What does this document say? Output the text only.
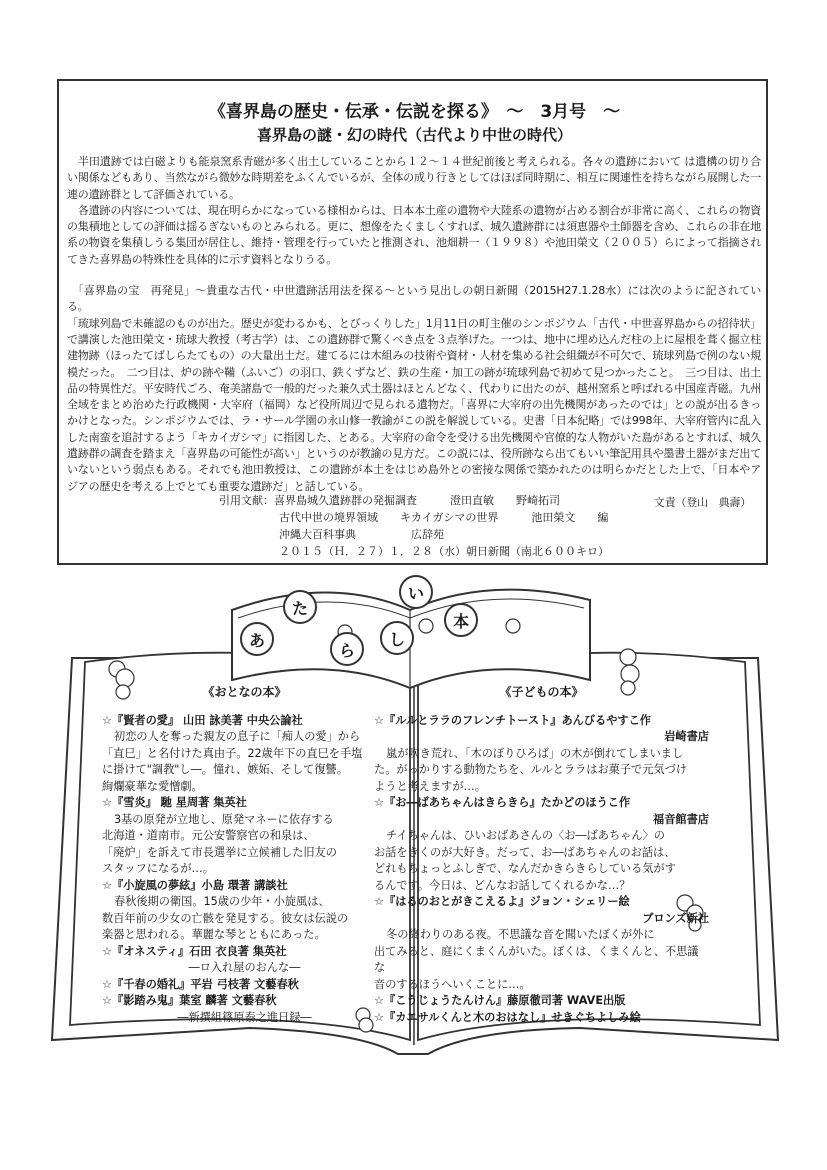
《喜界島の歴史・伝承・伝説を探る》　〜　3月号　〜
喜界島の謎・幻の時代（古代より中世の時代）

　半田遺跡では白磁よりも能泉窯系青磁が多く出土していることから１２〜１４世紀前後と考えられる。各々の遺跡において は遺構の切り合い関係などもあり、当然ながら微妙な時期差をふくんでいるが、全体の成り行きとしてはほぼ同時期に、相互に関連性を持ちながら展開した一連の遺跡群として評価されている。

　各遺跡の内容については、現在明らかになっている様相からは、日本本土産の遺物や大陸系の遺物が占める割合が非常に高く、これらの物資の集積地としての評価は揺るぎないものとみられる。更に、想像をたくましくすれば、城久遺跡群には須恵器や土師器を含め、これらの非在地系の物資を集積しうる集団が居住し、維持・管理を行っていたと推測され、池畑耕一（１９９８）や池田榮文（２００５）らによって指摘されてきた喜界島の特殊性を具体的に示す資料となりうる。

　「喜界島の宝　再発見」〜貴重な古代・中世遺跡活用法を探る〜という見出しの朝日新聞（2015H27.1.28水）には次のように記されている。

「琉球列島で未確認のものが出た。歴史が変わるかも、とびっくりした」1月11日の町主催のシンポジウム「古代・中世喜界島からの招待状」で講演した池田榮文・琉球大教授（考古学）は、この遺跡群で驚くべき点を３点挙げた。一つは、地中に埋め込んだ柱の上に屋根を葺く掘立柱建物跡（ほったてばしらたてもの）の大量出土だ。建てるには木組みの技術や資材・人材を集める社会組織が不可欠で、琉球列島で例のない規模だった。　二つ目は、炉の跡や鞴（ふいご）の羽口、鉄くずなど、鉄の生産・加工の跡が琉球列島で初めて見つかったこと。　三つ目は、出土品の特異性だ。平安時代ごろ、奄美諸島で一般的だった兼久式土器はほとんどなく、代わりに出たのが、越州窯系と呼ばれる中国産青磁。九州全域をまとめ治めた行政機関・大宰府（福岡）など役所周辺で見られる遺物だ。「喜界に大宰府の出先機関があったのでは」との説が出るきっかけとなった。シンポジウムでは、ラ・サール学園の永山修一教諭がこの説を解説している。史書「日本紀略」では998年、大宰府管内に乱入した南蛮を追討するよう「キカイガシマ」に指図した、とある。大宰府の命令を受ける出先機関や官僚的な人物がいた島があるとすれば、城久遺跡群の調査を踏まえ「喜界島の可能性が高い」というのが教諭の見方だ。この説には、役所跡なら出てもいい筆記用具や墨書土器がまだ出ていないという弱点もある。それでも池田教授は、この遺跡が本土をはじめ島外との密接な関係で築かれたのは明らかだとした上で、「日本やアジアの歴史を考える上でとても重要な遺跡だ」と話している。

文責（登山　典壽）

引用文献：喜界島城久遺跡群の発掘調査　　　澄田直敏　　野崎拓司
古代中世の境界領域　　キカイガシマの世界　　　池田榮文　　編
沖縄大百科事典　　　　　広辞苑
２０１５（Ｈ．２７）１．２８（水）朝日新聞（南北６００キロ）
あ
た
ら
し
い
本
《おとなの本》
☆『賢者の愛』 山田 詠美著 中央公論社
初恋の人を奪った親友の息子に「痴人の愛」から
「直巳」と名付けた真由子。22歳年下の直巳を手塩
に掛けて"調教"し―。憧れ、嫉妬、そして復讐。
絢爛豪華な愛憎劇。
☆『雪炎』 馳 星周著 集英社
3基の原発が立地し、原発マネーに依存する
北海道・道南市。元公安警察官の和泉は、
「廃炉」を訴えて市長選挙に立候補した旧友の
スタッフになるが…。
☆『小旋風の夢絃』小島 環著 講談社
春秋後期の衛国。15歳の少年・小旋風は、
数百年前の少女の亡骸を発見する。彼女は伝説の
楽器と思われる。華麗な琴とともにあった。
☆『オネスティ』石田 衣良著 集英社
―ロ入れ屋のおんな―
☆『千春の婚礼』平岩 弓枝著 文藝春秋
☆『影踏み鬼』葉室 麟著 文藝春秋
―新撰組篠原泰之進日録―
《子どもの本》
☆『ルルとララのフレンチトースト』あんびるやすこ作
岩崎書店
嵐が吹き荒れ、「木のぼりひろば」の木が倒れてしまいまし
た。がっかりする動物たちを、ルルとララはお菓子で元気づけ
ようと考えますが…。
☆『お―ばあちゃんはきらきら』たかどのほうこ作
福音館書店
チイちゃんは、ひいおばあさんの〈お―ばあちゃん〉の
お話をきくのが大好き。だって、お―ばあちゃんのお話は、
どれもちょっとふしぎで、なんだかきらきらしている気がす
るんです。今日は、どんなお話してくれるかな…？
☆『はるのおとがきこえるよ』ジョン・シェリー絵
ブロンズ新社
冬の終わりのある夜。不思議な音を聞いたぼくが外に
出てみると、庭にくまくんがいた。ぼくは、くまくんと、不思議な
音のするほうへいくことに…。
☆『こうじょうたんけん』藤原徹司著 WAVE出版
☆『カエサルくんと木のおはなし』せきぐちよしみ絵
